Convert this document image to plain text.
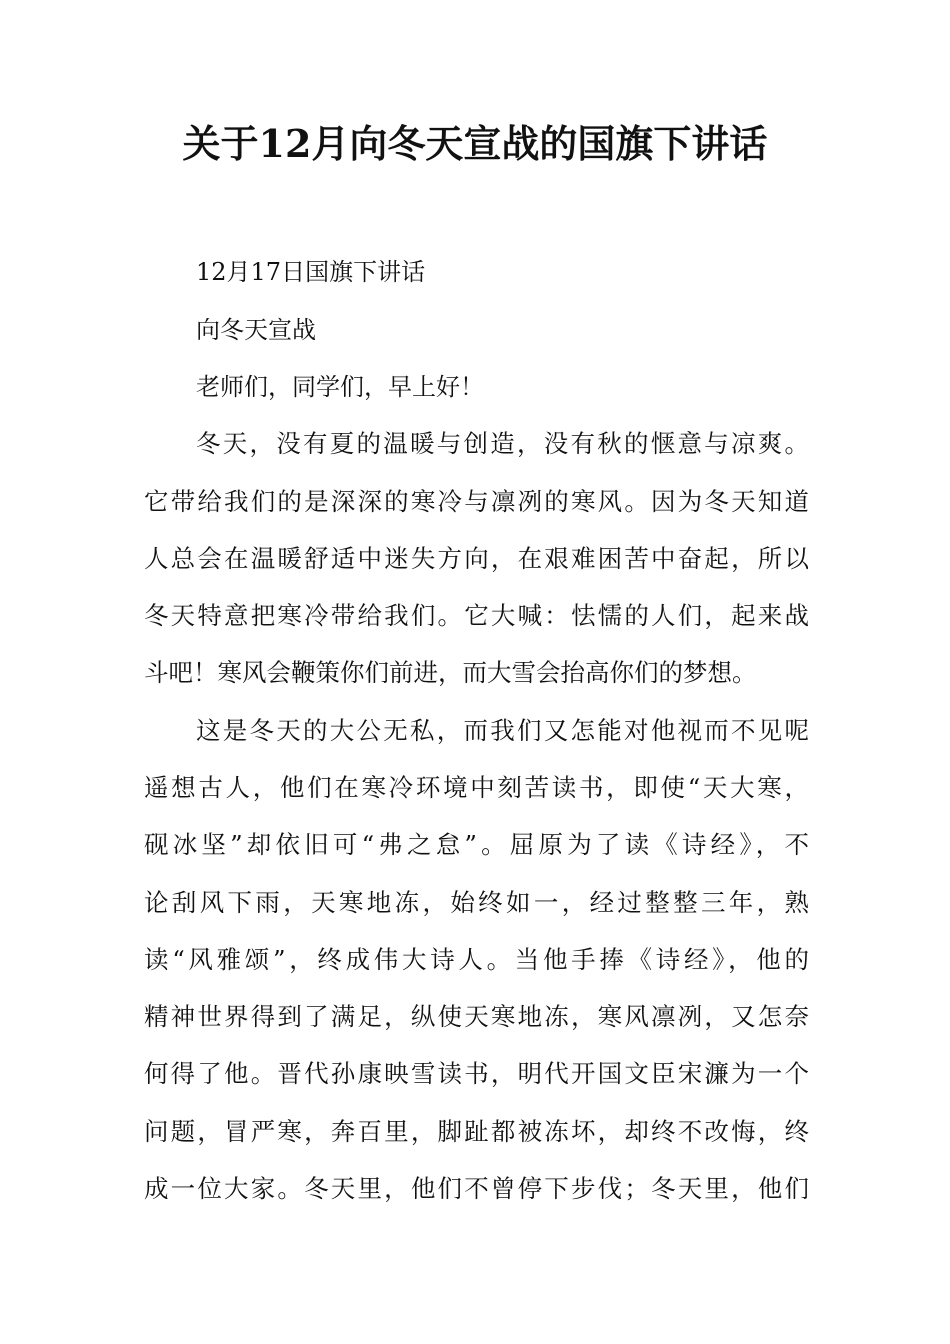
关于12月向冬天宣战的国旗下讲话

12月17日国旗下讲话

向冬天宣战

老师们，同学们，早上好！

冬天，没有夏的温暖与创造，没有秋的惬意与凉爽。

它带给我们的是深深的寒冷与凛冽的寒风。因为冬天知道

人总会在温暖舒适中迷失方向，在艰难困苦中奋起，所以

冬天特意把寒冷带给我们。它大喊：怯懦的人们，起来战

斗吧！寒风会鞭策你们前进，而大雪会抬高你们的梦想。

这是冬天的大公无私，而我们又怎能对他视而不见呢

遥想古人，他们在寒冷环境中刻苦读书，即使“天大寒，

砚冰坚”却依旧可“弗之怠”。屈原为了读《诗经》，不

论刮风下雨，天寒地冻，始终如一，经过整整三年，熟

读“风雅颂”，终成伟大诗人。当他手捧《诗经》，他的

精神世界得到了满足，纵使天寒地冻，寒风凛冽，又怎奈

何得了他。晋代孙康映雪读书，明代开国文臣宋濂为一个

问题，冒严寒，奔百里，脚趾都被冻坏，却终不改悔，终

成一位大家。冬天里，他们不曾停下步伐；冬天里，他们
